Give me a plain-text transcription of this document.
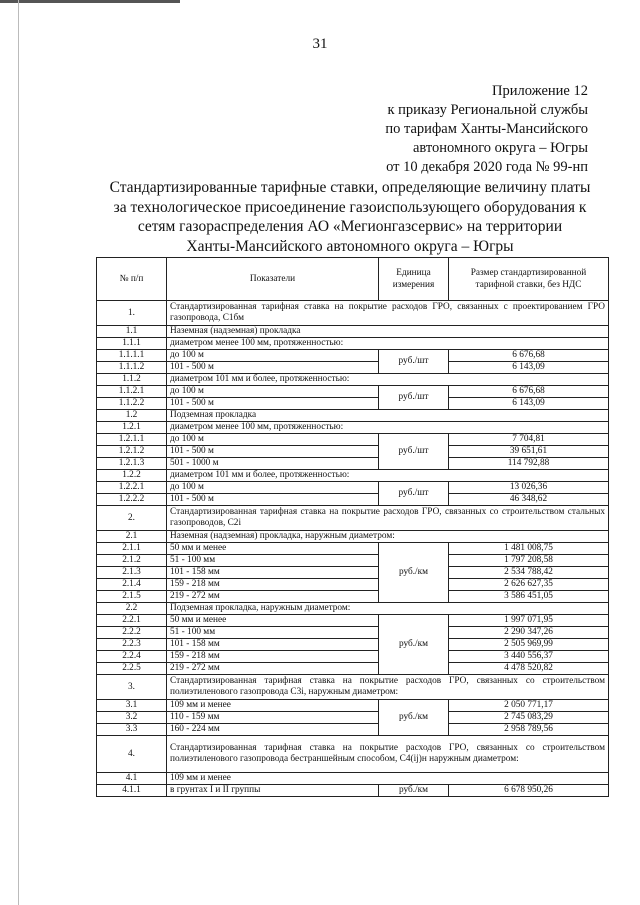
31
Приложение 12
к приказу Региональной службы
по тарифам Ханты-Мансийского
автономного округа – Югры
от 10 декабря 2020 года № 99-нп
Стандартизированные тарифные ставки, определяющие величину платы
за технологическое присоединение газоиспользующего оборудования к
сетям газораспределения АО «Мегионгазсервис» на территории
Ханты-Мансийского автономного округа – Югры
№ п/п	Показатели	Единица измерения	Размер стандартизированной тарифной ставки, без НДС
1.	Стандартизированная тарифная ставка на покрытие расходов ГРО, связанных с проектированием ГРО газопровода, C1бм		
1.1	Наземная (надземная) прокладка		
1.1.1	диаметром менее 100 мм, протяженностью:		
1.1.1.1	до 100 м	руб./шт	6 676,68
1.1.1.2	101 - 500 м		6 143,09
1.1.2	диаметром 101 мм и более, протяженностью:		
1.1.2.1	до 100 м	руб./шт	6 676,68
1.1.2.2	101 - 500 м		6 143,09
1.2	Подземная прокладка		
1.2.1	диаметром менее 100 мм, протяженностью:		
1.2.1.1	до 100 м	руб./шт	7 704,81
1.2.1.2	101 - 500 м		39 651,61
1.2.1.3	501 - 1000 м		114 792,88
1.2.2	диаметром 101 мм и более, протяженностью:		
1.2.2.1	до 100 м	руб./шт	13 026,36
1.2.2.2	101 - 500 м		46 348,62
2.	Стандартизированная тарифная ставка на покрытие расходов ГРО, связанных со строительством стальных газопроводов, C2i		
2.1	Наземная (надземная) прокладка, наружным диаметром:		
2.1.1	50 мм и менее	руб./км	1 481 008,75
2.1.2	51 - 100 мм		1 797 208,58
2.1.3	101 - 158 мм		2 534 788,42
2.1.4	159 - 218 мм		2 626 627,35
2.1.5	219 - 272 мм		3 586 451,05
2.2	Подземная прокладка, наружным диаметром:		
2.2.1	50 мм и менее	руб./км	1 997 071,95
2.2.2	51 - 100 мм		2 290 347,26
2.2.3	101 - 158 мм		2 505 969,99
2.2.4	159 - 218 мм		3 440 556,37
2.2.5	219 - 272 мм		4 478 520,82
3.	Стандартизированная тарифная ставка на покрытие расходов ГРО, связанных со строительством полиэтиленового газопровода C3i, наружным диаметром:		
3.1	109 мм и менее	руб./км	2 050 771,17
3.2	110 - 159 мм		2 745 083,29
3.3	160 - 224 мм		2 958 789,56
4.	Стандартизированная тарифная ставка на покрытие расходов ГРО, связанных со строительством полиэтиленового газопровода бестраншейным способом, C4(ij)н наружным диаметром:		
4.1	109 мм и менее		
4.1.1	в грунтах I и II группы	руб./км	6 678 950,26
